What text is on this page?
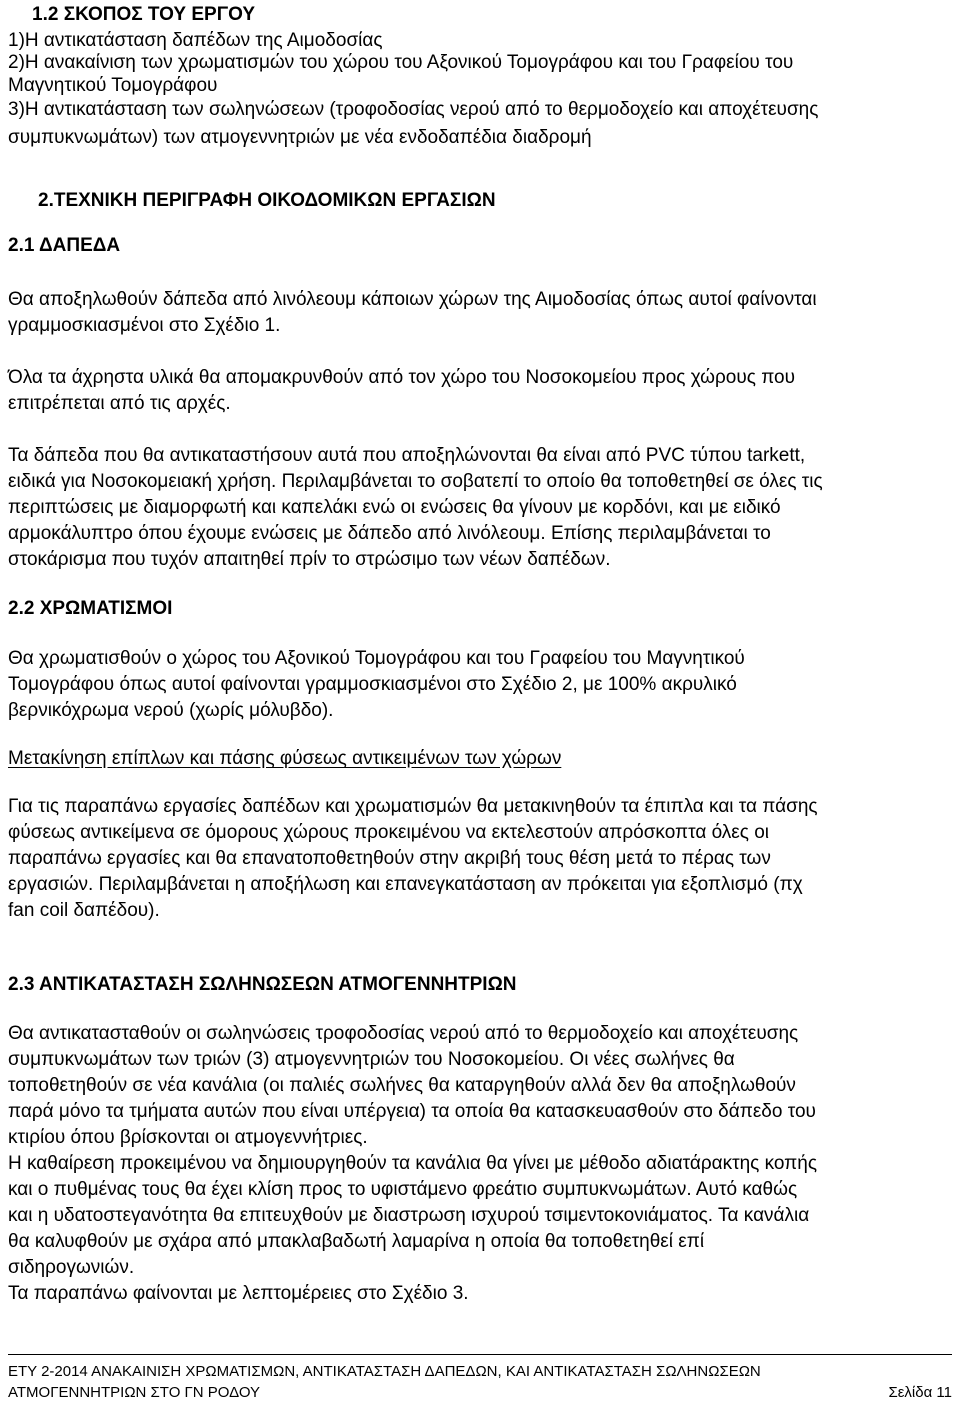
1.2 ΣΚΟΠΟΣ ΤΟΥ ΕΡΓΟΥ
1)Η αντικατάσταση δαπέδων της Αιμοδοσίας
2)Η ανακαίνιση των χρωματισμών του χώρου του Αξονικού Τομογράφου και του Γραφείου του
Μαγνητικού Τομογράφου
3)Η αντικατάσταση των σωληνώσεων (τροφοδοσίας νερού από το θερμοδοχείο και αποχέτευσης
συμπυκνωμάτων) των ατμογεννητριών με νέα ενδοδαπέδια διαδρομή
2.ΤΕΧΝΙΚΗ ΠΕΡΙΓΡΑΦΗ ΟΙΚΟΔΟΜΙΚΩΝ ΕΡΓΑΣΙΩΝ
2.1 ΔΑΠΕΔΑ
Θα αποξηλωθούν δάπεδα από λινόλεουμ κάποιων χώρων της Αιμοδοσίας όπως αυτοί φαίνονται
γραμμοσκιασμένοι στο Σχέδιο 1.
Όλα τα άχρηστα υλικά θα απομακρυνθούν από τον χώρο του Νοσοκομείου προς χώρους που
επιτρέπεται από τις αρχές.
Τα δάπεδα που θα αντικαταστήσουν αυτά που αποξηλώνονται θα είναι από PVC τύπου tarkett,
ειδικά για Νοσοκομειακή χρήση. Περιλαμβάνεται το σοβατεπί το οποίο θα τοποθετηθεί σε όλες τις
περιπτώσεις με διαμορφωτή και καπελάκι ενώ οι ενώσεις θα γίνουν με κορδόνι, και με ειδικό
αρμοκάλυπτρο όπου έχουμε ενώσεις με δάπεδο από λινόλεουμ. Επίσης περιλαμβάνεται το
στοκάρισμα που τυχόν απαιτηθεί πρίν το στρώσιμο των νέων δαπέδων.
2.2 ΧΡΩΜΑΤΙΣΜΟΙ
Θα χρωματισθούν ο χώρος του Αξονικού Τομογράφου και του Γραφείου του Μαγνητικού
Τομογράφου όπως αυτοί φαίνονται γραμμοσκιασμένοι στο Σχέδιο 2, με 100% ακρυλικό
βερνικόχρωμα νερού (χωρίς μόλυβδο).
Μετακίνηση επίπλων και πάσης φύσεως αντικειμένων των χώρων
Για τις παραπάνω εργασίες δαπέδων και χρωματισμών θα μετακινηθούν τα έπιπλα και τα πάσης
φύσεως αντικείμενα σε όμορους χώρους προκειμένου να εκτελεστούν απρόσκοπτα όλες οι
παραπάνω εργασίες και θα επανατοποθετηθούν στην ακριβή τους θέση μετά το πέρας των
εργασιών. Περιλαμβάνεται η αποξήλωση και επανεγκατάσταση αν πρόκειται για εξοπλισμό (πχ
fan coil δαπέδου).
2.3 ΑΝΤΙΚΑΤΑΣΤΑΣΗ ΣΩΛΗΝΩΣΕΩΝ ΑΤΜΟΓΕΝΝΗΤΡΙΩΝ
Θα αντικατασταθούν οι σωληνώσεις τροφοδοσίας νερού από το θερμοδοχείο και αποχέτευσης
συμπυκνωμάτων των τριών (3) ατμογεννητριών του Νοσοκομείου. Οι νέες σωλήνες θα
τοποθετηθούν σε νέα κανάλια (οι παλιές σωλήνες θα καταργηθούν αλλά δεν θα αποξηλωθούν
παρά μόνο τα τμήματα αυτών που είναι υπέργεια) τα οποία θα κατασκευασθούν στο δάπεδο του
κτιρίου όπου βρίσκονται οι ατμογεννήτριες.
Η καθαίρεση προκειμένου να δημιουργηθούν τα κανάλια θα γίνει με μέθοδο αδιατάρακτης κοπής
και ο πυθμένας τους θα έχει κλίση προς το υφιστάμενο φρεάτιο συμπυκνωμάτων. Αυτό καθώς
και η υδατοστεγανότητα θα επιτευχθούν με διαστρωση ισχυρού τσιμεντοκονιάματος. Τα κανάλια
θα καλυφθούν με σχάρα από μπακλαβαδωτή λαμαρίνα η οποία θα τοποθετηθεί επί
σιδηρογωνιών.
Τα παραπάνω φαίνονται με λεπτομέρειες στο Σχέδιο 3.
ΕΤΥ 2-2014 ΑΝΑΚΑΙΝΙΣΗ ΧΡΩΜΑΤΙΣΜΩΝ, ΑΝΤΙΚΑΤΑΣΤΑΣΗ ΔΑΠΕΔΩΝ, ΚΑΙ ΑΝΤΙΚΑΤΑΣΤΑΣΗ ΣΩΛΗΝΩΣΕΩΝ
ΑΤΜΟΓΕΝΝΗΤΡΙΩΝ ΣΤΟ ΓΝ ΡΟΔΟΥ	Σελίδα 11
